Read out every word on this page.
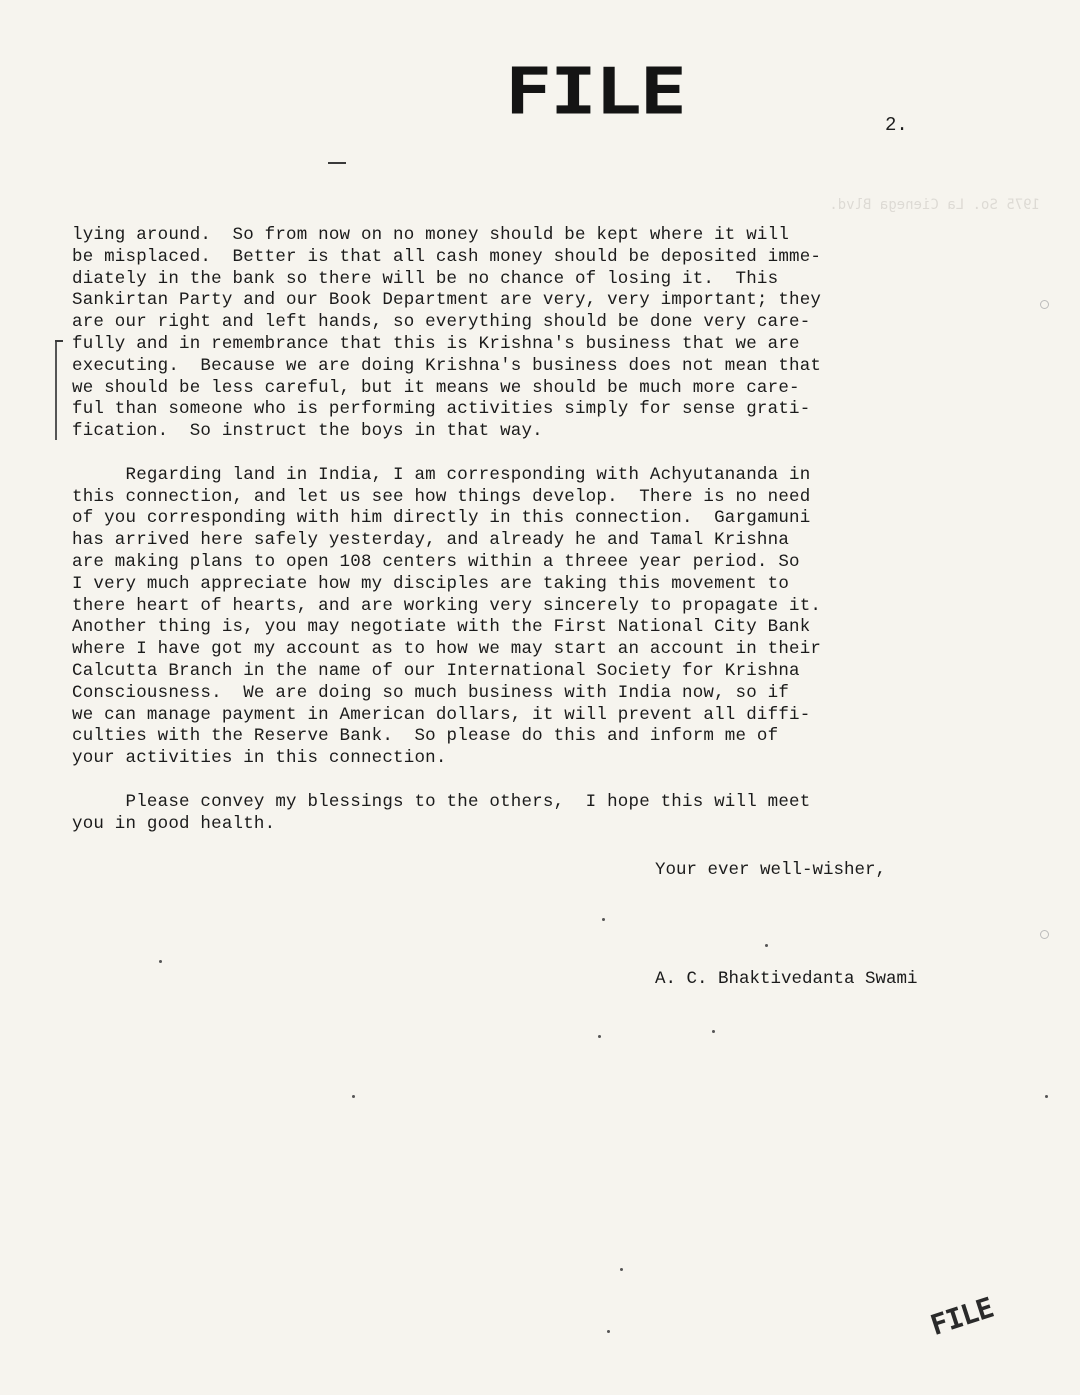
1975 So. La Cienega Blvd.
FILE	2.
lying around.  So from now on no money should be kept where it will
be misplaced.  Better is that all cash money should be deposited imme-
diately in the bank so there will be no chance of losing it.  This
Sankirtan Party and our Book Department are very, very important; they
are our right and left hands, so everything should be done very care-
fully and in remembrance that this is Krishna's business that we are
executing.  Because we are doing Krishna's business does not mean that
we should be less careful, but it means we should be much more care-
ful than someone who is performing activities simply for sense grati-
fication.  So instruct the boys in that way.
Regarding land in India, I am corresponding with Achyutananda in
this connection, and let us see how things develop.  There is no need
of you corresponding with him directly in this connection.  Gargamuni
has arrived here safely yesterday, and already he and Tamal Krishna
are making plans to open 108 centers within a threee year period. So
I very much appreciate how my disciples are taking this movement to
there heart of hearts, and are working very sincerely to propagate it.
Another thing is, you may negotiate with the First National City Bank
where I have got my account as to how we may start an account in their
Calcutta Branch in the name of our International Society for Krishna
Consciousness.  We are doing so much business with India now, so if
we can manage payment in American dollars, it will prevent all diffi-
culties with the Reserve Bank.  So please do this and inform me of
your activities in this connection.
Please convey my blessings to the others,  I hope this will meet
you in good health.
Your ever well-wisher,
A. C. Bhaktivedanta Swami
FILE
